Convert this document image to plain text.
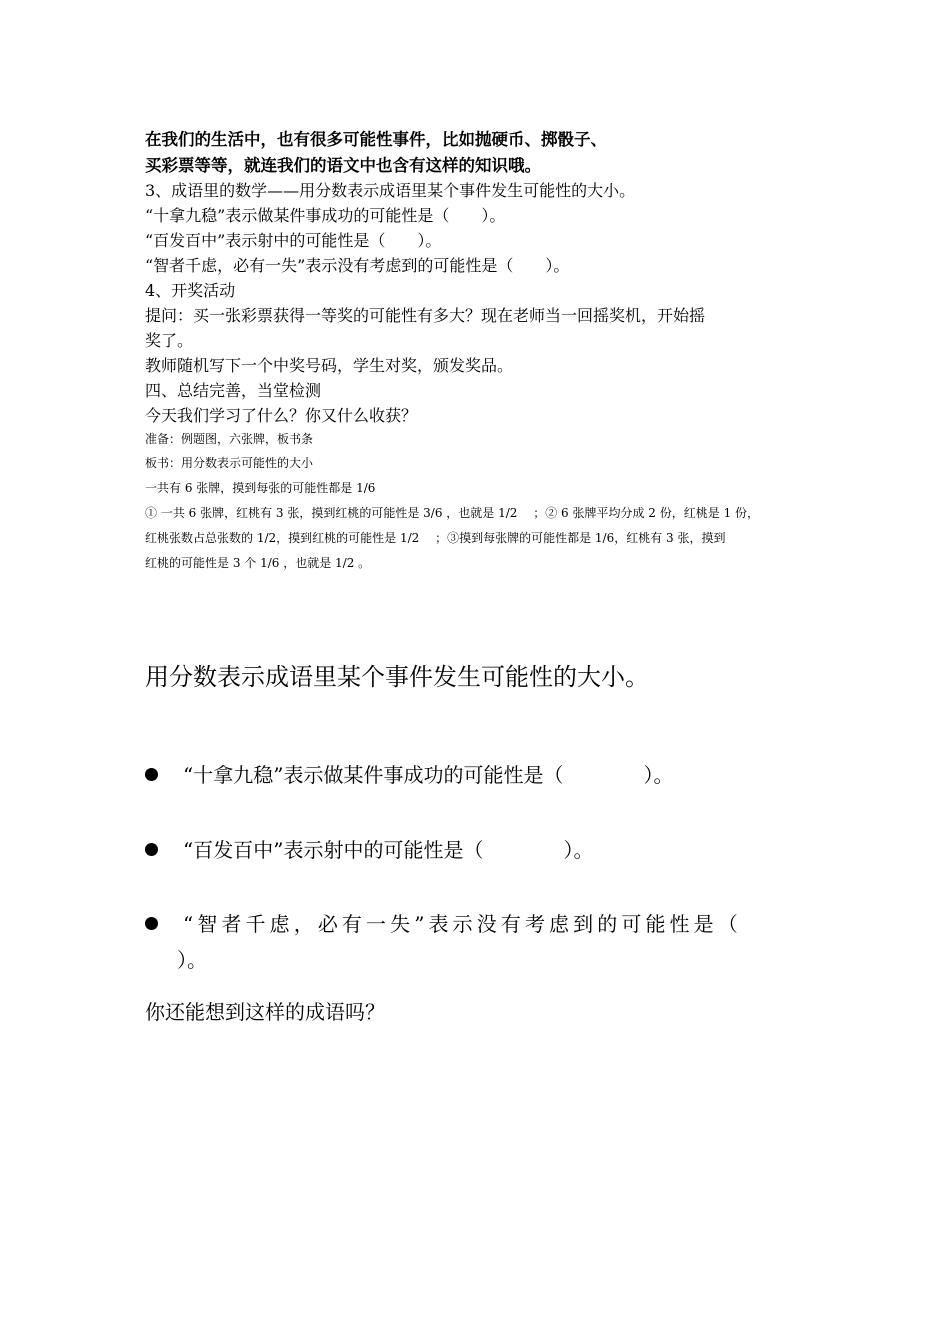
在我们的生活中，也有很多可能性事件，比如抛硬币、掷骰子、
买彩票等等，就连我们的语文中也含有这样的知识哦。
3、成语里的数学——用分数表示成语里某个事件发生可能性的大小。
“十拿九稳”表示做某件事成功的可能性是（　　）。
“百发百中”表示射中的可能性是（　　）。
“智者千虑，必有一失”表示没有考虑到的可能性是（　　）。
4、开奖活动
提问：买一张彩票获得一等奖的可能性有多大？现在老师当一回摇奖机，开始摇
奖了。
教师随机写下一个中奖号码，学生对奖，颁发奖品。
四、总结完善，当堂检测
今天我们学习了什么？你又什么收获？
准备：例题图，六张牌，板书条
板书：用分数表示可能性的大小
一共有 6 张牌，摸到每张的可能性都是 1/6
① 一共 6 张牌，红桃有 3 张，摸到红桃的可能性是 3/6 ，也就是 1/2 　；② 6 张牌平均分成 2 份，红桃是 1 份，
红桃张数占总张数的 1/2，摸到红桃的可能性是 1/2 　；③摸到每张牌的可能性都是 1/6，红桃有 3 张，摸到
红桃的可能性是 3 个 1/6 ，也就是 1/2 。
用分数表示成语里某个事件发生可能性的大小。
“十拿九稳”表示做某件事成功的可能性是（　　　　）。
“百发百中”表示射中的可能性是（　　　　）。
“智者千虑，必有一失”表示没有考虑到的可能性是（
）。
你还能想到这样的成语吗？
